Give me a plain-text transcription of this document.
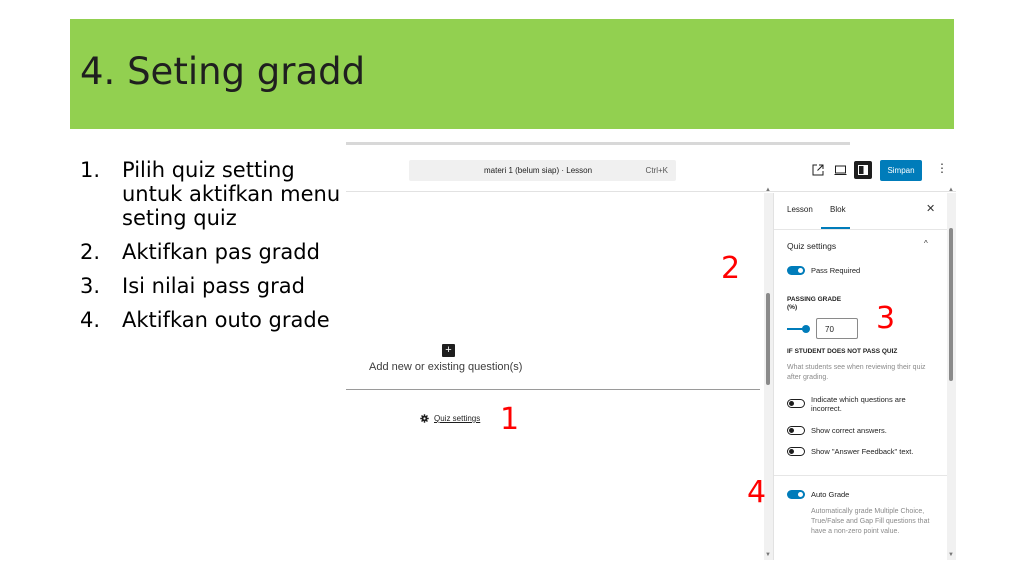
4. Seting gradd
1.	Pilih quiz setting untuk aktifkan menu seting quiz
2.	Aktifkan pas gradd
3.	Isi nilai pass grad
4.	Aktifkan outo grade
materi 1 (belum siap) · Lesson	Ctrl+K	Simpan	⋮
+
Add new or existing question(s)
Quiz settings
▲
▼
Lesson Blok	✕
Quiz settings	^
Pass Required
PASSING GRADE
(%)
70
IF STUDENT DOES NOT PASS QUIZ
What students see when reviewing their quiz after grading.
Indicate which questions are incorrect.
Show correct answers.
Show "Answer Feedback" text.
Auto Grade
Automatically grade Multiple Choice, True/False and Gap Fill questions that have a non-zero point value.
▲
▼
1
2
3
4
